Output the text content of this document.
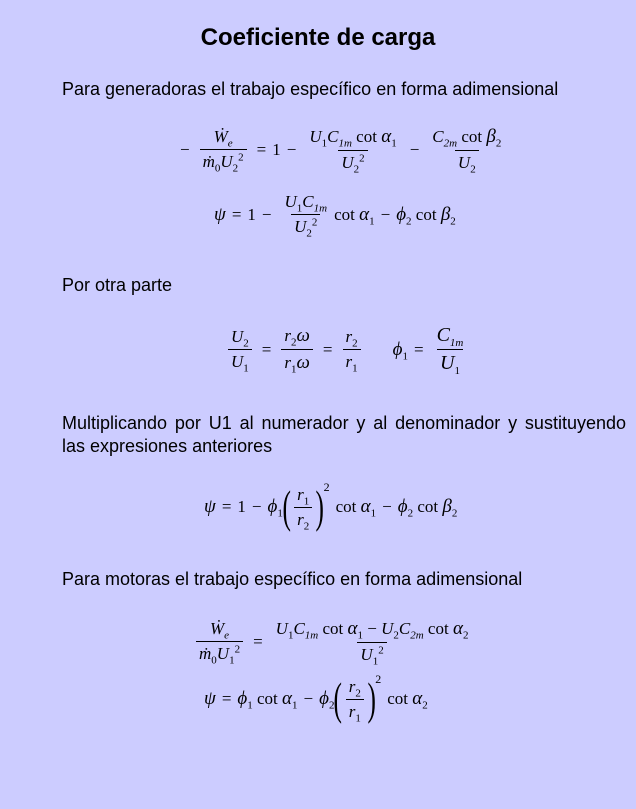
Coeficiente de carga
Para generadoras el trabajo específico en forma adimensional
− $\frac{Ẇ_e}{ṁ_0U_2^2} = 1 - \frac{U_1C_{1m} \cot \alpha_1}{U_2^2} - \frac{C_{2m} \cot \beta_2}{U_2}$
$\psi = 1 - \frac{U_1C_{1m}}{U_2^2}$ $\cot \alpha_1 - \phi_2$ $\cot \beta_2$
Por otra parte
$\frac{U_2}{U_1} = \frac{r_2\omega}{r_1\omega} = \frac{r_2}{r_1} \phi_1 = \frac{C_{1m}}{U_1}$
Multiplicando por U1 al numerador y al denominador y sustituyendo las expresiones anteriores
$\psi = 1 - \phi_1$ ( $\frac{r_1}{r_2}$ ) 2
$\cot \alpha_1 - \phi_2$ $\cot \beta_2$
Para motoras el trabajo específico en forma adimensional
$\frac{Ẇ_e}{ṁ_0U_1^2} = \frac{U_1C_{1m} \cot \alpha_1 - U_2C_{2m} \cot \alpha_2}{U_1^2}$
$\psi = \phi_1$ $\cot \alpha_1 - \phi_2$ ( $\frac{r_2}{r_1}$ ) 2
$\cot \alpha_2$
